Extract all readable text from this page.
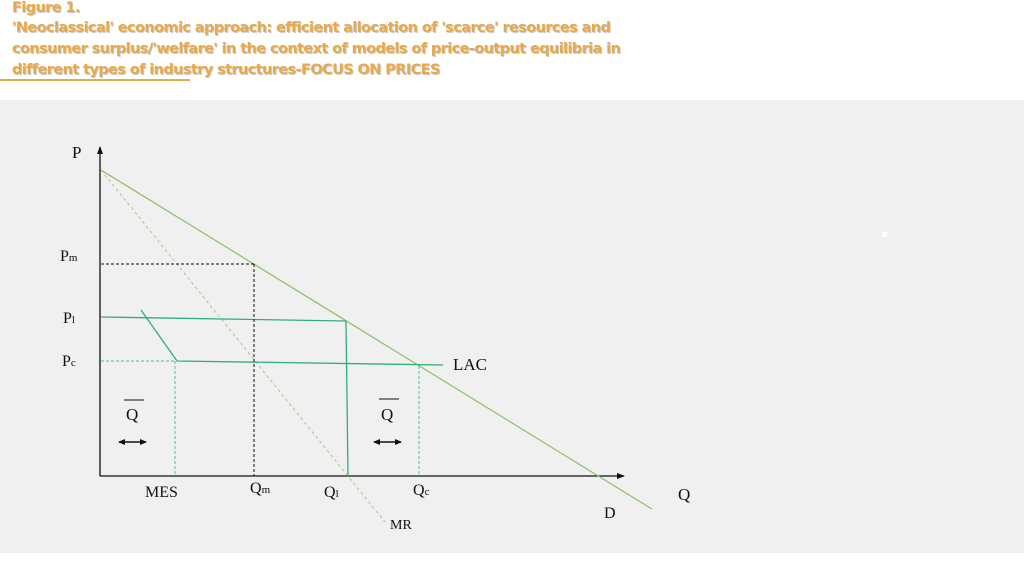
Figure 1.

'Neoclassical' economic approach: efficient allocation of 'scarce' resources and

consumer surplus/'welfare' in the context of models of price-output equilibria in

different types of industry structures-FOCUS ON PRICES

P
Q
Pm
Pl
Pc
MES	Qm	Ql	Qc
LAC
D
MR
Q	Q
